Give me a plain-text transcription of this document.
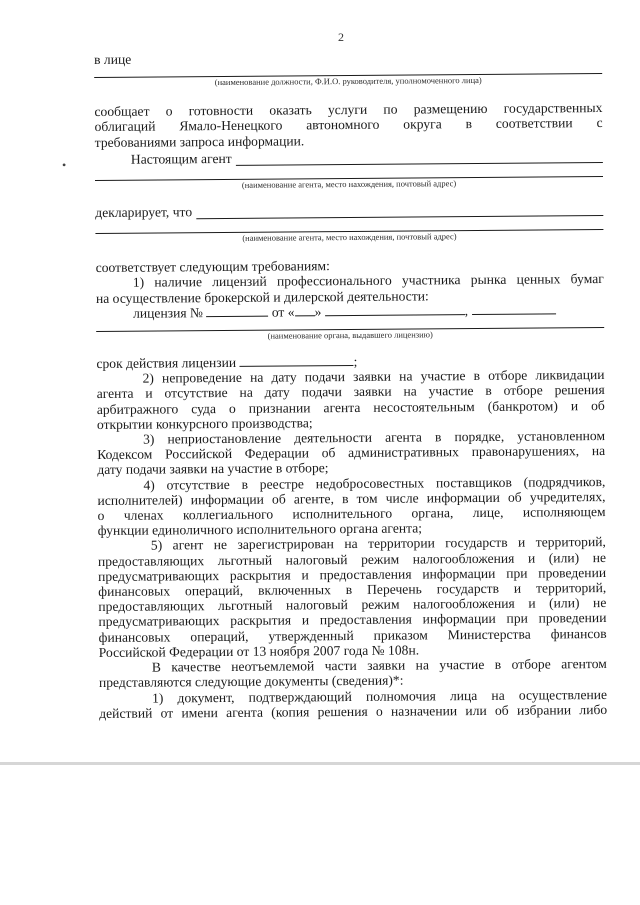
2
•

в лице

(наименование должности, Ф.И.О. руководителя, уполномоченного лица)

сообщает о готовности оказать услуги по размещению государственных

облигаций Ямало-Ненецкого автономного округа в соответствии с

требованиями запроса информации.

Настоящим агент
(наименование агента, место нахождения, почтовый адрес)
декларирует, что
(наименование агента, место нахождения, почтовый адрес)

соответствует следующим требованиям:

1) наличие лицензий профессионального участника рынка ценных бумаг

на осуществление брокерской и дилерской деятельности:

лицензия №	от « »	,

(наименование органа, выдавшего лицензию)

срок действия лицензии	;

2) непроведение на дату подачи заявки на участие в отборе ликвидации

агента и отсутствие на дату подачи заявки на участие в отборе решения

арбитражного суда о признании агента несостоятельным (банкротом) и об

открытии конкурсного производства;

3) неприостановление деятельности агента в порядке, установленном

Кодексом Российской Федерации об административных правонарушениях, на

дату подачи заявки на участие в отборе;

4) отсутствие в реестре недобросовестных поставщиков (подрядчиков,

исполнителей) информации об агенте, в том числе информации об учредителях,

о членах коллегиального исполнительного органа, лице, исполняющем

функции единоличного исполнительного органа агента;

5) агент не зарегистрирован на территории государств и территорий,

предоставляющих льготный налоговый режим налогообложения и (или) не

предусматривающих раскрытия и предоставления информации при проведении

финансовых операций, включенных в Перечень государств и территорий,

предоставляющих льготный налоговый режим налогообложения и (или) не

предусматривающих раскрытия и предоставления информации при проведении

финансовых операций, утвержденный приказом Министерства финансов

Российской Федерации от 13 ноября 2007 года № 108н.

В качестве неотъемлемой части заявки на участие в отборе агентом

представляются следующие документы (сведения)*:

1) документ, подтверждающий полномочия лица на осуществление

действий от имени агента (копия решения о назначении или об избрании либо
